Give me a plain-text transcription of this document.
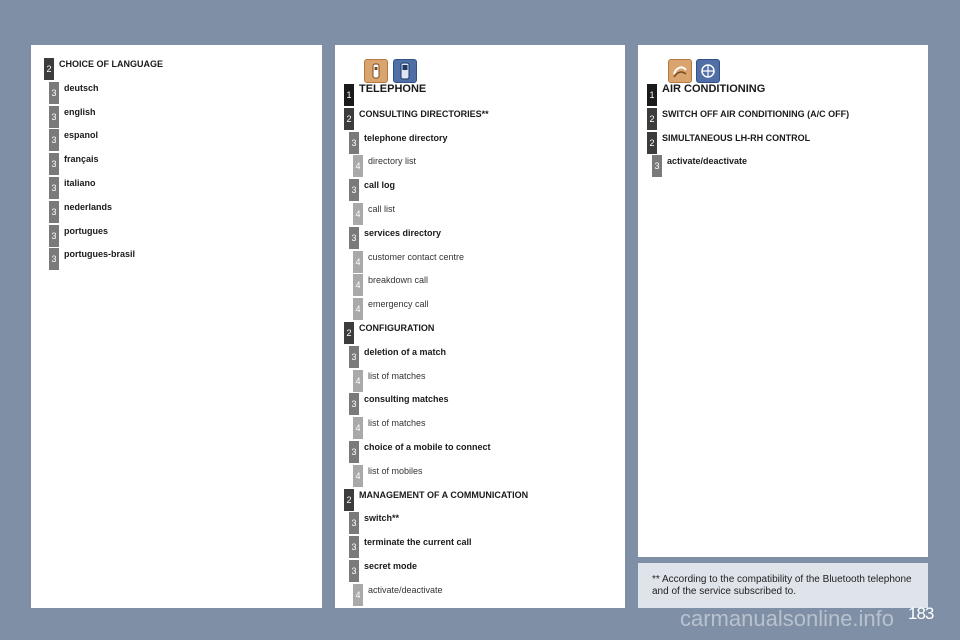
** According to the compatibility of the Bluetooth telephone and of the service subscribed to.
183
carmanualsonline.info
2 CHOICE OF LANGUAGE
3 deutsch
3 english
3 espanol
3 français
3 italiano
3 nederlands
3 portugues
3 portugues-brasil
1 TELEPHONE
2 CONSULTING DIRECTORIES**
3 telephone directory
4 directory list
3 call log
4 call list
3 services directory
4 customer contact centre
4 breakdown call
4 emergency call
2 CONFIGURATION
3 deletion of a match
4 list of matches
3 consulting matches
4 list of matches
3 choice of a mobile to connect
4 list of mobiles
2 MANAGEMENT OF A COMMUNICATION
3 switch**
3 terminate the current call
3 secret mode
4 activate/deactivate
1 AIR CONDITIONING
2 SWITCH OFF AIR CONDITIONING (A/C OFF)
2 SIMULTANEOUS LH-RH CONTROL
3 activate/deactivate
